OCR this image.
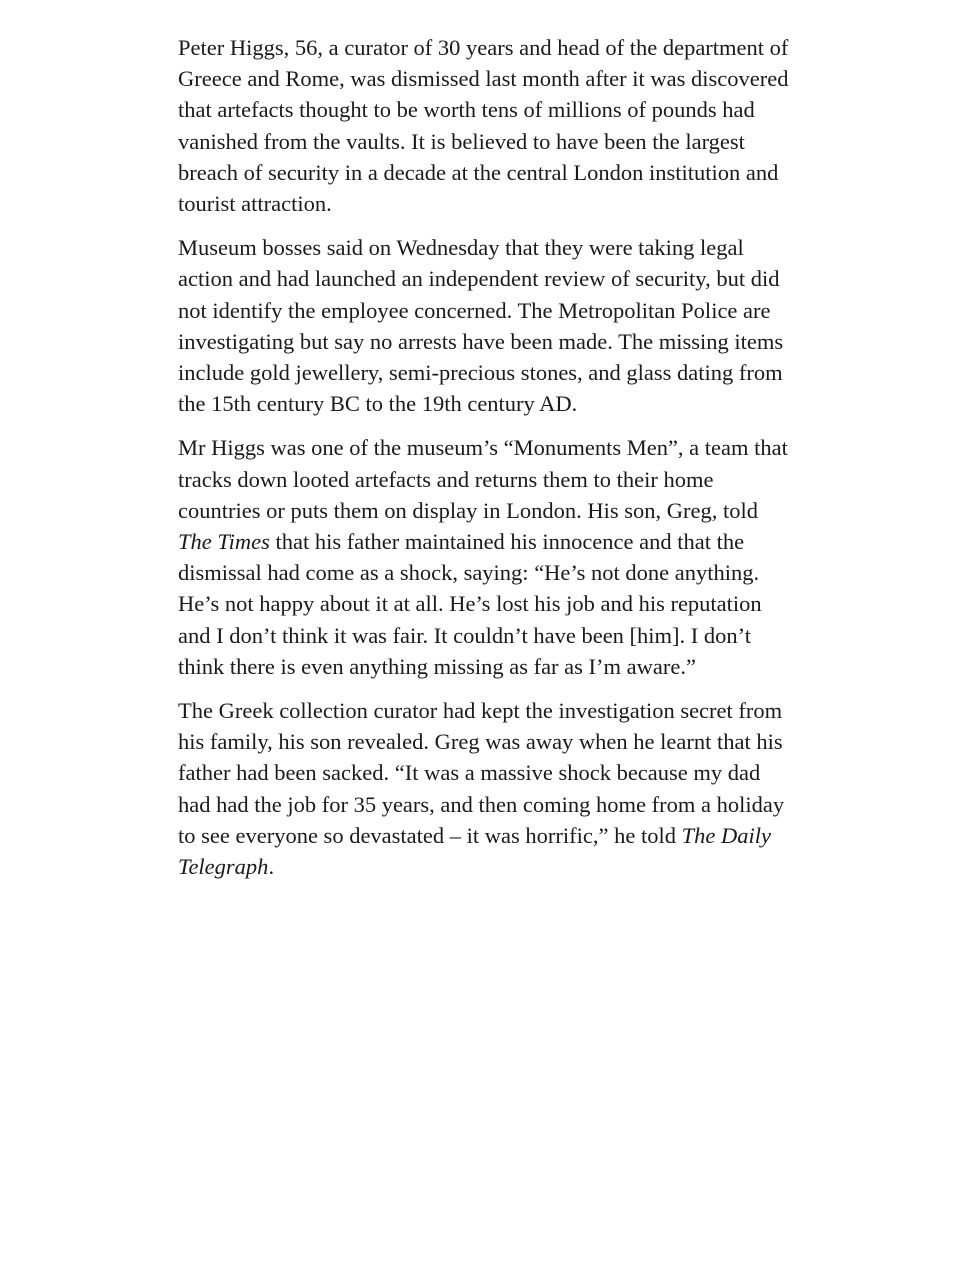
Peter Higgs, 56, a curator of 30 years and head of the department of Greece and Rome, was dismissed last month after it was discovered that artefacts thought to be worth tens of millions of pounds had vanished from the vaults. It is believed to have been the largest breach of security in a decade at the central London institution and tourist attraction.

Museum bosses said on Wednesday that they were taking legal action and had launched an independent review of security, but did not identify the employee concerned. The Metropolitan Police are investigating but say no arrests have been made. The missing items include gold jewellery, semi-precious stones, and glass dating from the 15th century BC to the 19th century AD.

Mr Higgs was one of the museum’s “Monuments Men”, a team that tracks down looted artefacts and returns them to their home countries or puts them on display in London. His son, Greg, told The Times that his father maintained his innocence and that the dismissal had come as a shock, saying: “He’s not done anything. He’s not happy about it at all. He’s lost his job and his reputation and I don’t think it was fair. It couldn’t have been [him]. I don’t think there is even anything missing as far as I’m aware.”

The Greek collection curator had kept the investigation secret from his family, his son revealed. Greg was away when he learnt that his father had been sacked. “It was a massive shock because my dad had had the job for 35 years, and then coming home from a holiday to see everyone so devastated – it was horrific,” he told The Daily Telegraph.
